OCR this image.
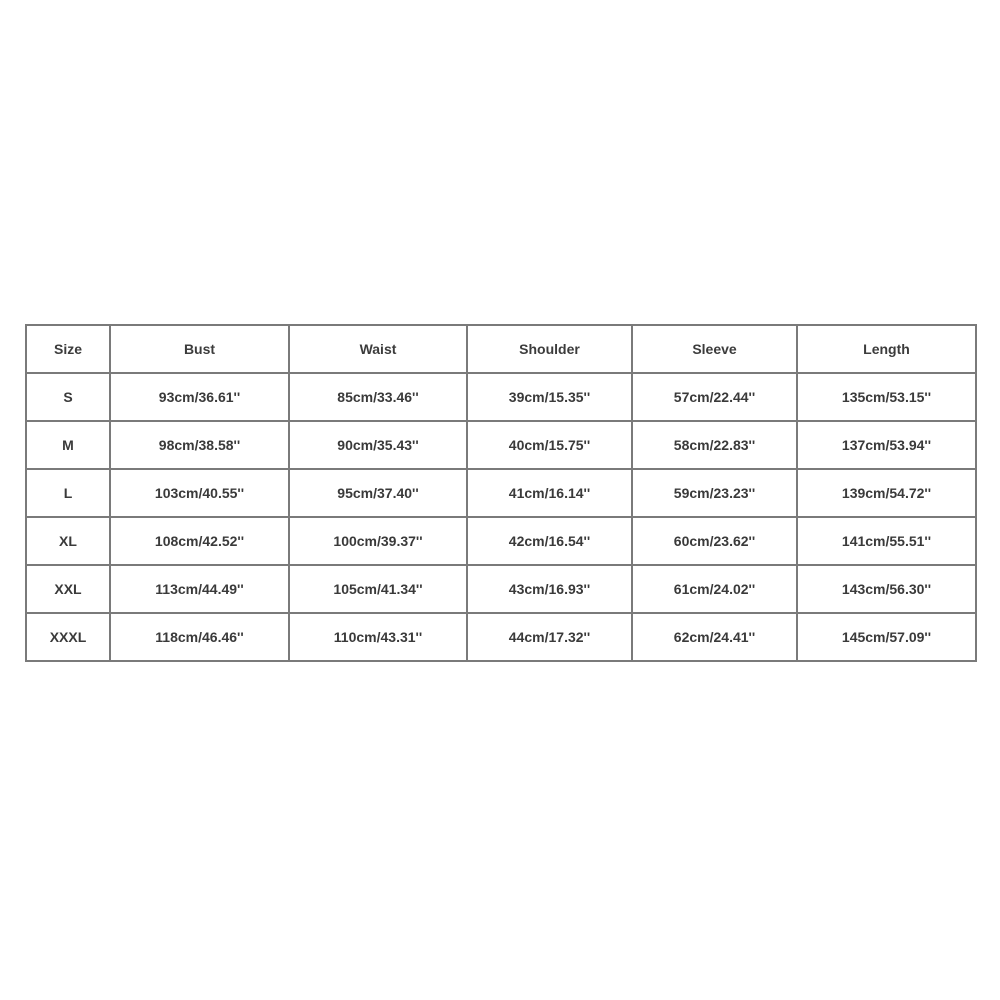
Size	Bust	Waist	Shoulder	Sleeve	Length
S	93cm/36.61''	85cm/33.46''	39cm/15.35''	57cm/22.44''	135cm/53.15''
M	98cm/38.58''	90cm/35.43''	40cm/15.75''	58cm/22.83''	137cm/53.94''
L	103cm/40.55''	95cm/37.40''	41cm/16.14''	59cm/23.23''	139cm/54.72''
XL	108cm/42.52''	100cm/39.37''	42cm/16.54''	60cm/23.62''	141cm/55.51''
XXL	113cm/44.49''	105cm/41.34''	43cm/16.93''	61cm/24.02''	143cm/56.30''
XXXL	118cm/46.46''	110cm/43.31''	44cm/17.32''	62cm/24.41''	145cm/57.09''
